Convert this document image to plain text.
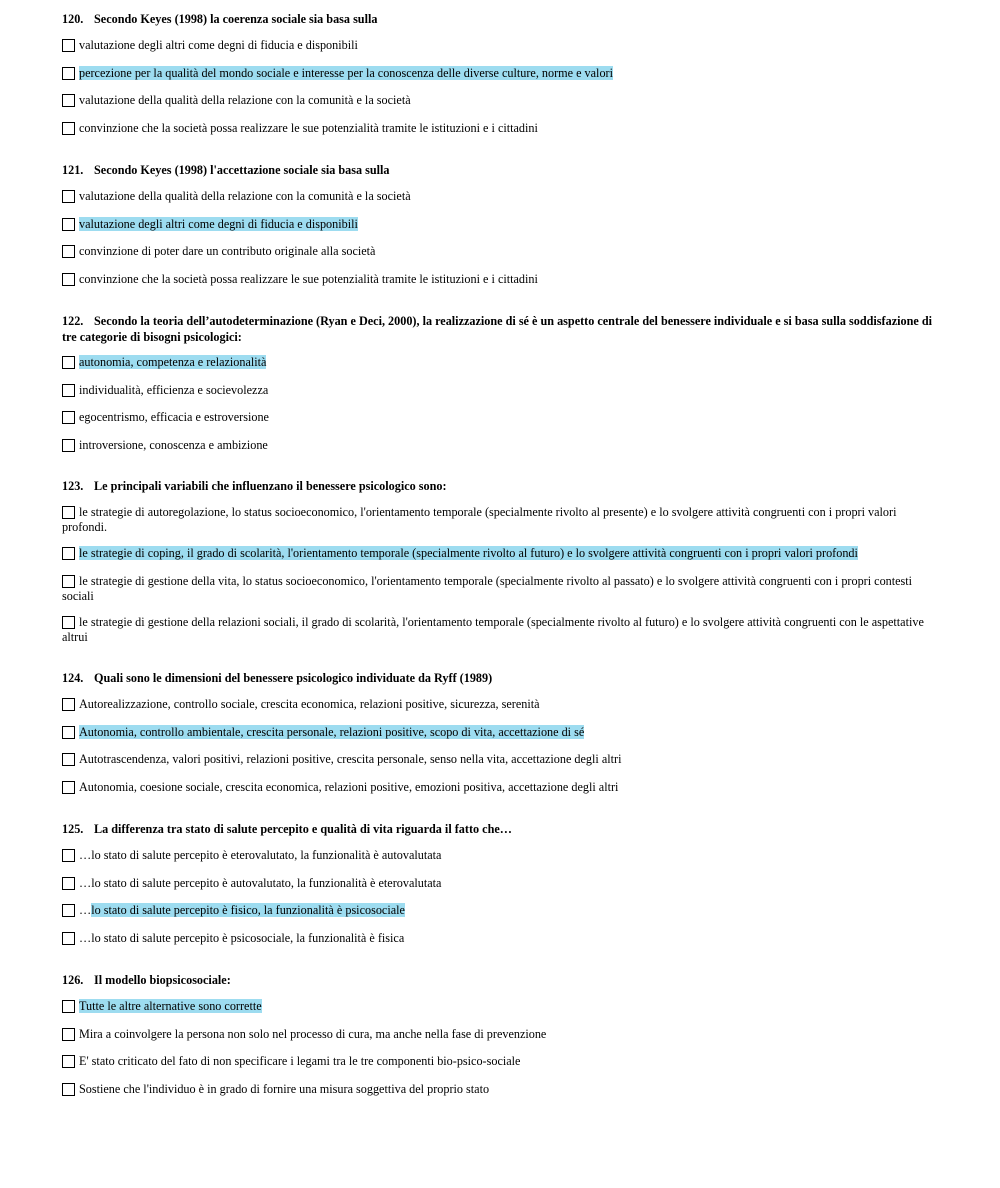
120. Secondo Keyes (1998) la coerenza sociale sia basa sulla
valutazione degli altri come degni di fiducia e disponibili
percezione per la qualità del mondo sociale e interesse per la conoscenza delle diverse culture, norme e valori
valutazione della qualità della relazione con la comunità e la società
convinzione che la società possa realizzare le sue potenzialità tramite le istituzioni e i cittadini
121. Secondo Keyes (1998) l'accettazione sociale sia basa sulla
valutazione della qualità della relazione con la comunità e la società
valutazione degli altri come degni di fiducia e disponibili
convinzione di poter dare un contributo originale alla società
convinzione che la società possa realizzare le sue potenzialità tramite le istituzioni e i cittadini
122. Secondo la teoria dell’autodeterminazione (Ryan e Deci, 2000), la realizzazione di sé è un aspetto centrale del benessere individuale e si basa sulla soddisfazione di tre categorie di bisogni psicologici:
autonomia, competenza e relazionalità
individualità, efficienza e socievolezza
egocentrismo, efficacia e estroversione
introversione, conoscenza e ambizione
123. Le principali variabili che influenzano il benessere psicologico sono:
le strategie di autoregolazione, lo status socioeconomico, l'orientamento temporale (specialmente rivolto al presente) e lo svolgere attività congruenti con i propri valori profondi.
le strategie di coping, il grado di scolarità, l'orientamento temporale (specialmente rivolto al futuro) e lo svolgere attività congruenti con i propri valori profondi
le strategie di gestione della vita, lo status socioeconomico, l'orientamento temporale (specialmente rivolto al passato) e lo svolgere attività congruenti con i propri contesti sociali
le strategie di gestione della relazioni sociali, il grado di scolarità, l'orientamento temporale (specialmente rivolto al futuro) e lo svolgere attività congruenti con le aspettative altrui
124. Quali sono le dimensioni del benessere psicologico individuate da Ryff (1989)
Autorealizzazione, controllo sociale, crescita economica, relazioni positive, sicurezza, serenità
Autonomia, controllo ambientale, crescita personale, relazioni positive, scopo di vita, accettazione di sé
Autotrascendenza, valori positivi, relazioni positive, crescita personale, senso nella vita, accettazione degli altri
Autonomia, coesione sociale, crescita economica, relazioni positive, emozioni positiva, accettazione degli altri
125. La differenza tra stato di salute percepito e qualità di vita riguarda il fatto che…
…lo stato di salute percepito è eterovalutato, la funzionalità è autovalutata
…lo stato di salute percepito è autovalutato, la funzionalità è eterovalutata
…lo stato di salute percepito è fisico, la funzionalità è psicosociale
…lo stato di salute percepito è psicosociale, la funzionalità è fisica
126. Il modello biopsicosociale:
Tutte le altre alternative sono corrette
Mira a coinvolgere la persona non solo nel processo di cura, ma anche nella fase di prevenzione
E' stato criticato del fato di non specificare i legami tra le tre componenti bio-psico-sociale
Sostiene che l'individuo è in grado di fornire una misura soggettiva del proprio stato
